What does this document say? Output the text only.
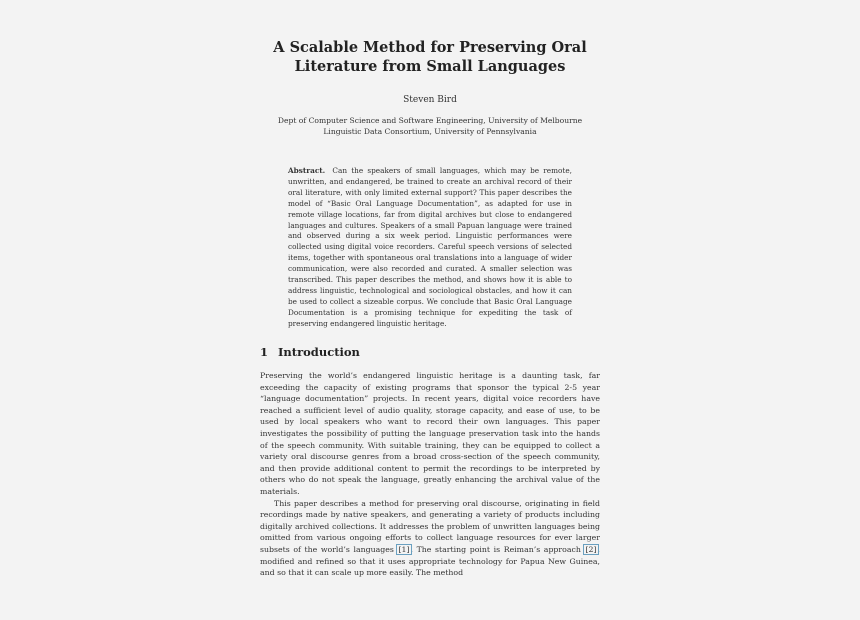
A Scalable Method for Preserving Oral
Literature from Small Languages
Steven Bird
Dept of Computer Science and Software Engineering, University of Melbourne
Linguistic Data Consortium, University of Pennsylvania
Abstract. Can the speakers of small languages, which may be remote, unwritten, and endangered, be trained to create an archival record of their oral literature, with only limited external support? This paper describes the model of “Basic Oral Language Documentation”, as adapted for use in remote village locations, far from digital archives but close to endangered languages and cultures. Speakers of a small Papuan language were trained and observed during a six week period. Linguistic performances were collected using digital voice recorders. Careful speech versions of selected items, together with spontaneous oral translations into a language of wider communication, were also recorded and curated. A smaller selection was transcribed. This paper describes the method, and shows how it is able to address linguistic, technological and sociological obstacles, and how it can be used to collect a sizeable corpus. We conclude that Basic Oral Language Documentation is a promising technique for expediting the task of preserving endangered linguistic heritage.
1 Introduction

Preserving the world’s endangered linguistic heritage is a daunting task, far exceeding the capacity of existing programs that sponsor the typical 2-5 year “language documentation” projects. In recent years, digital voice recorders have reached a sufficient level of audio quality, storage capacity, and ease of use, to be used by local speakers who want to record their own languages. This paper investigates the possibility of putting the language preservation task into the hands of the speech community. With suitable training, they can be equipped to collect a variety oral discourse genres from a broad cross-section of the speech community, and then provide additional content to permit the recordings to be interpreted by others who do not speak the language, greatly enhancing the archival value of the materials.

This paper describes a method for preserving oral discourse, originating in field recordings made by native speakers, and generating a variety of products including digitally archived collections. It addresses the problem of unwritten languages being omitted from various ongoing efforts to collect language resources for ever larger subsets of the world’s languages [1]. The starting point is Reiman’s approach [2], modified and refined so that it uses appropriate technology for Papua New Guinea, and so that it can scale up more easily. The method
